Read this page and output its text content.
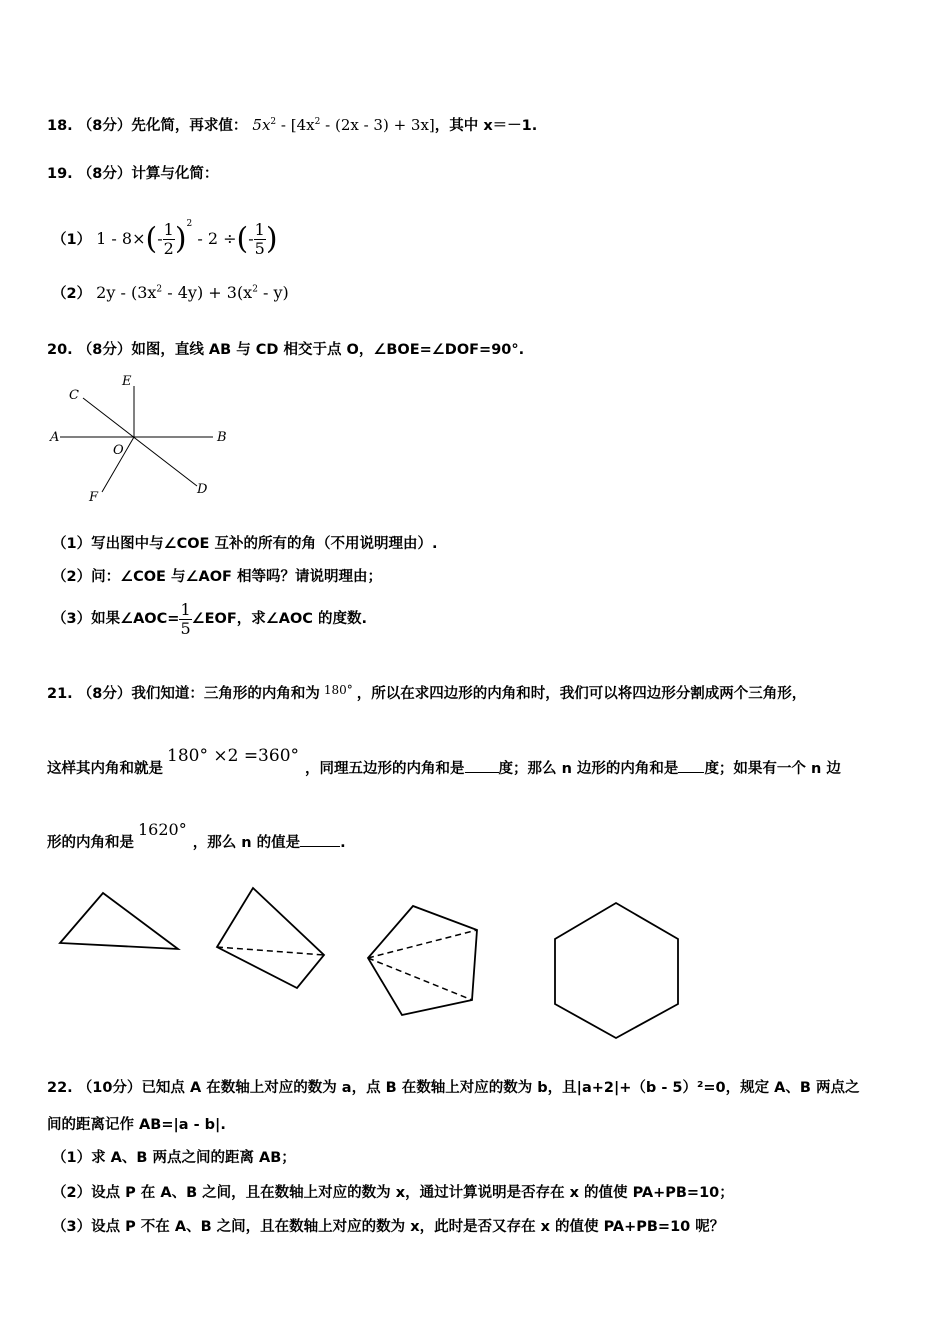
18. （8分）先化简，再求值： $5x^2 - [4x^2 - (2x - 3) + 3x]$，其中 x＝－1.
19. （8分）计算与化简：
（1） $1 - 8\times(- \frac{1}{2} )^2 - 2$ ÷(- $\frac{1}{5}$ )
（2） $2y - (3x^2 - 4y) + 3(x^2 - y)$
20. （8分）如图，直线 AB 与 CD 相交于点 O，∠BOE=∠DOF=90°.
C
E
A	B
O
F
D
（1）写出图中与∠COE 互补的所有的角（不用说明理由）.
（2）问：∠COE 与∠AOF 相等吗？请说明理由；
（3）如果∠AOC= $\frac{1}{5}$ ∠EOF，求∠AOC 的度数.
21. （8分）我们知道：三角形的内角和为 $^{180^\circ}$ ，所以在求四边形的内角和时，我们可以将四边形分割成两个三角形，
这样其内角和就是180° ×2 =360°，同理五边形的内角和是 度；那么 n 边形的内角和是 度；如果有一个 n 边
形的内角和是1620°，那么 n 的值是	.
22. （10分）已知点 A 在数轴上对应的数为 a，点 B 在数轴上对应的数为 b，且|a+2|+（b - 5）²=0，规定 A、B 两点之
间的距离记作 AB=|a - b|.
（1）求 A、B 两点之间的距离 AB；
（2）设点 P 在 A、B 之间，且在数轴上对应的数为 x，通过计算说明是否存在 x 的值使 PA+PB=10；
（3）设点 P 不在 A、B 之间，且在数轴上对应的数为 x，此时是否又存在 x 的值使 PA+PB=10 呢？
